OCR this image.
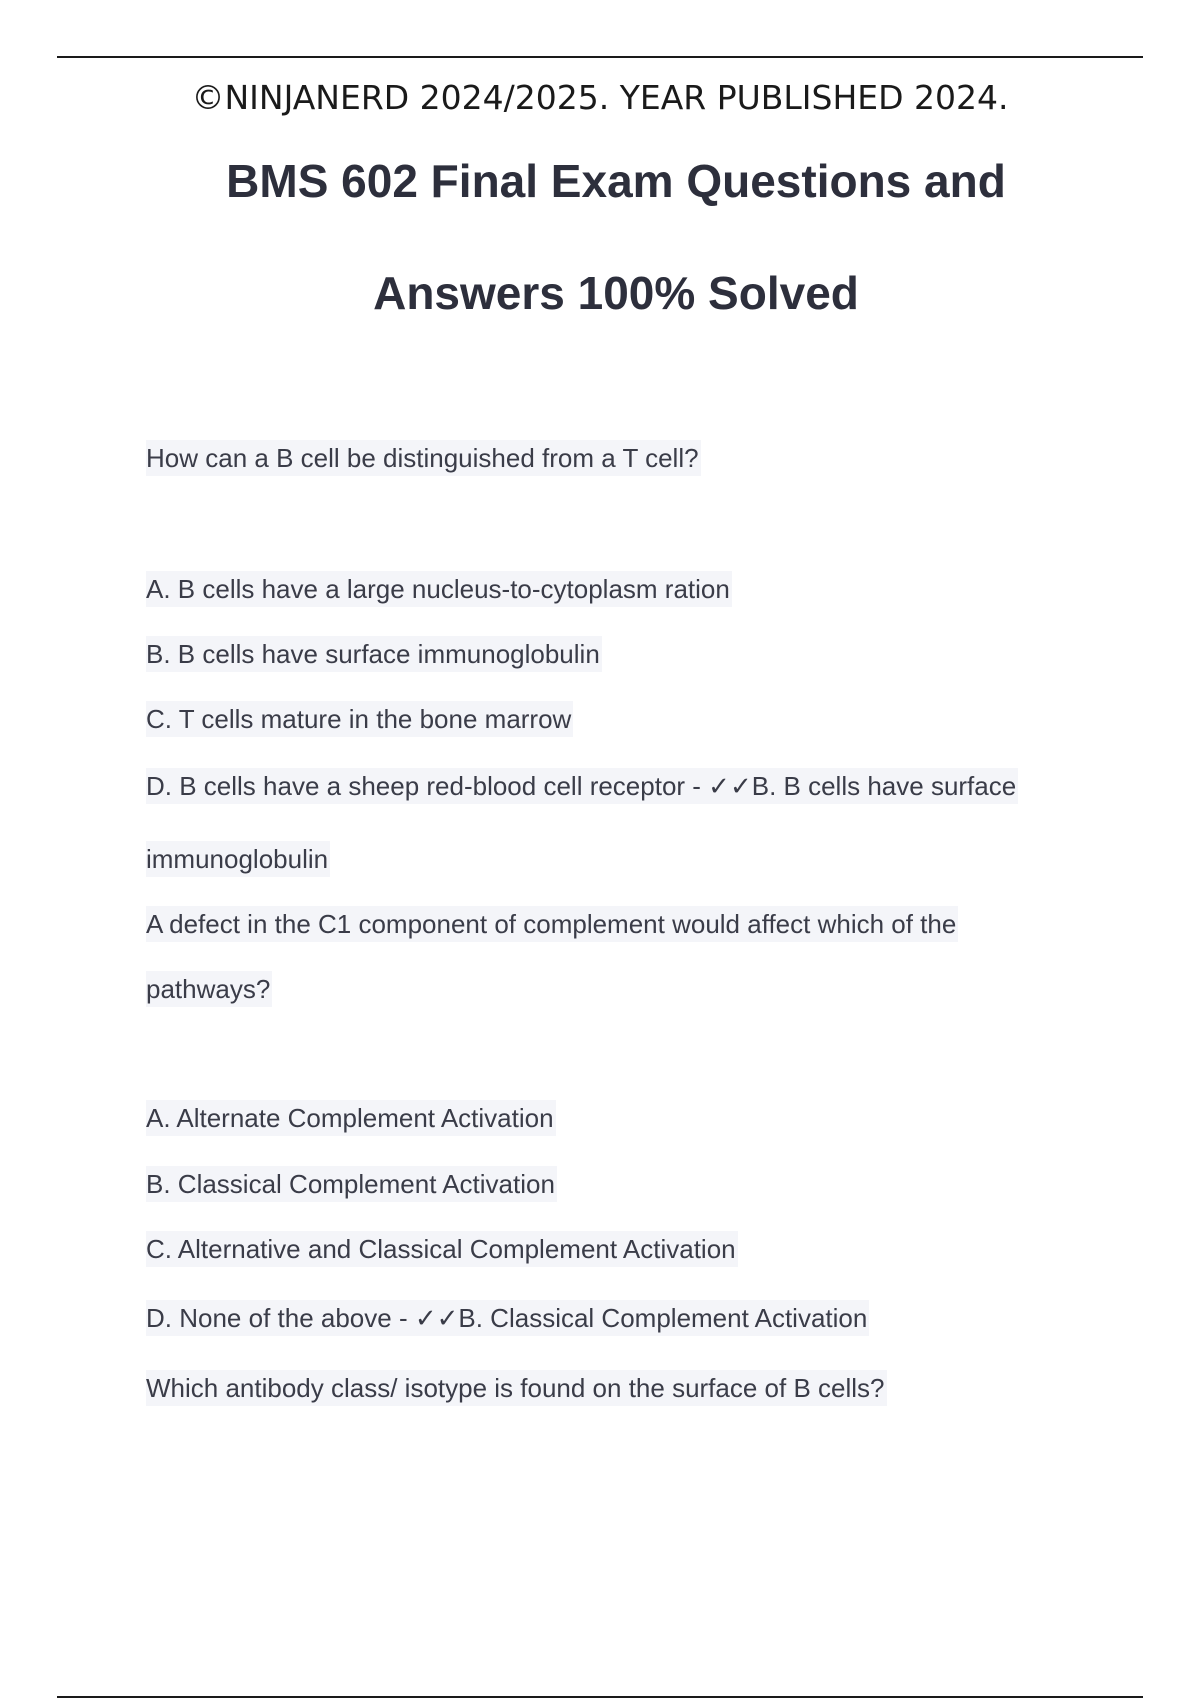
©NINJANERD 2024/2025. YEAR PUBLISHED 2024.
BMS 602 Final Exam Questions and
Answers 100% Solved
How can a B cell be distinguished from a T cell?
A. B cells have a large nucleus-to-cytoplasm ration
B. B cells have surface immunoglobulin
C. T cells mature in the bone marrow
D. B cells have a sheep red-blood cell receptor - ✓✓B. B cells have surface
immunoglobulin
A defect in the C1 component of complement would affect which of the
pathways?
A. Alternate Complement Activation
B. Classical Complement Activation
C. Alternative and Classical Complement Activation
D. None of the above - ✓✓B. Classical Complement Activation
Which antibody class/ isotype is found on the surface of B cells?
